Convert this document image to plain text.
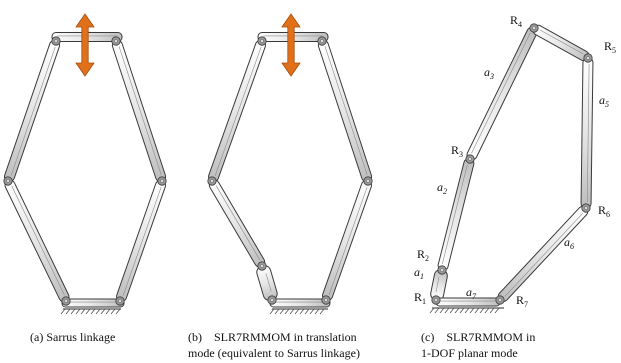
$R_1$
$R_2$
$R_3$
$R_4$
$R_5$
$R_6$
$R_7$
$a_1$
$a_2$
$a_3$
$a_5$
$a_6$
$a_7$
(a) Sarrus linkage	(b)    SLR7RMMOM in translation
mode (equivalent to Sarrus linkage)
(c)    SLR7RMMOM in
1-DOF planar mode
